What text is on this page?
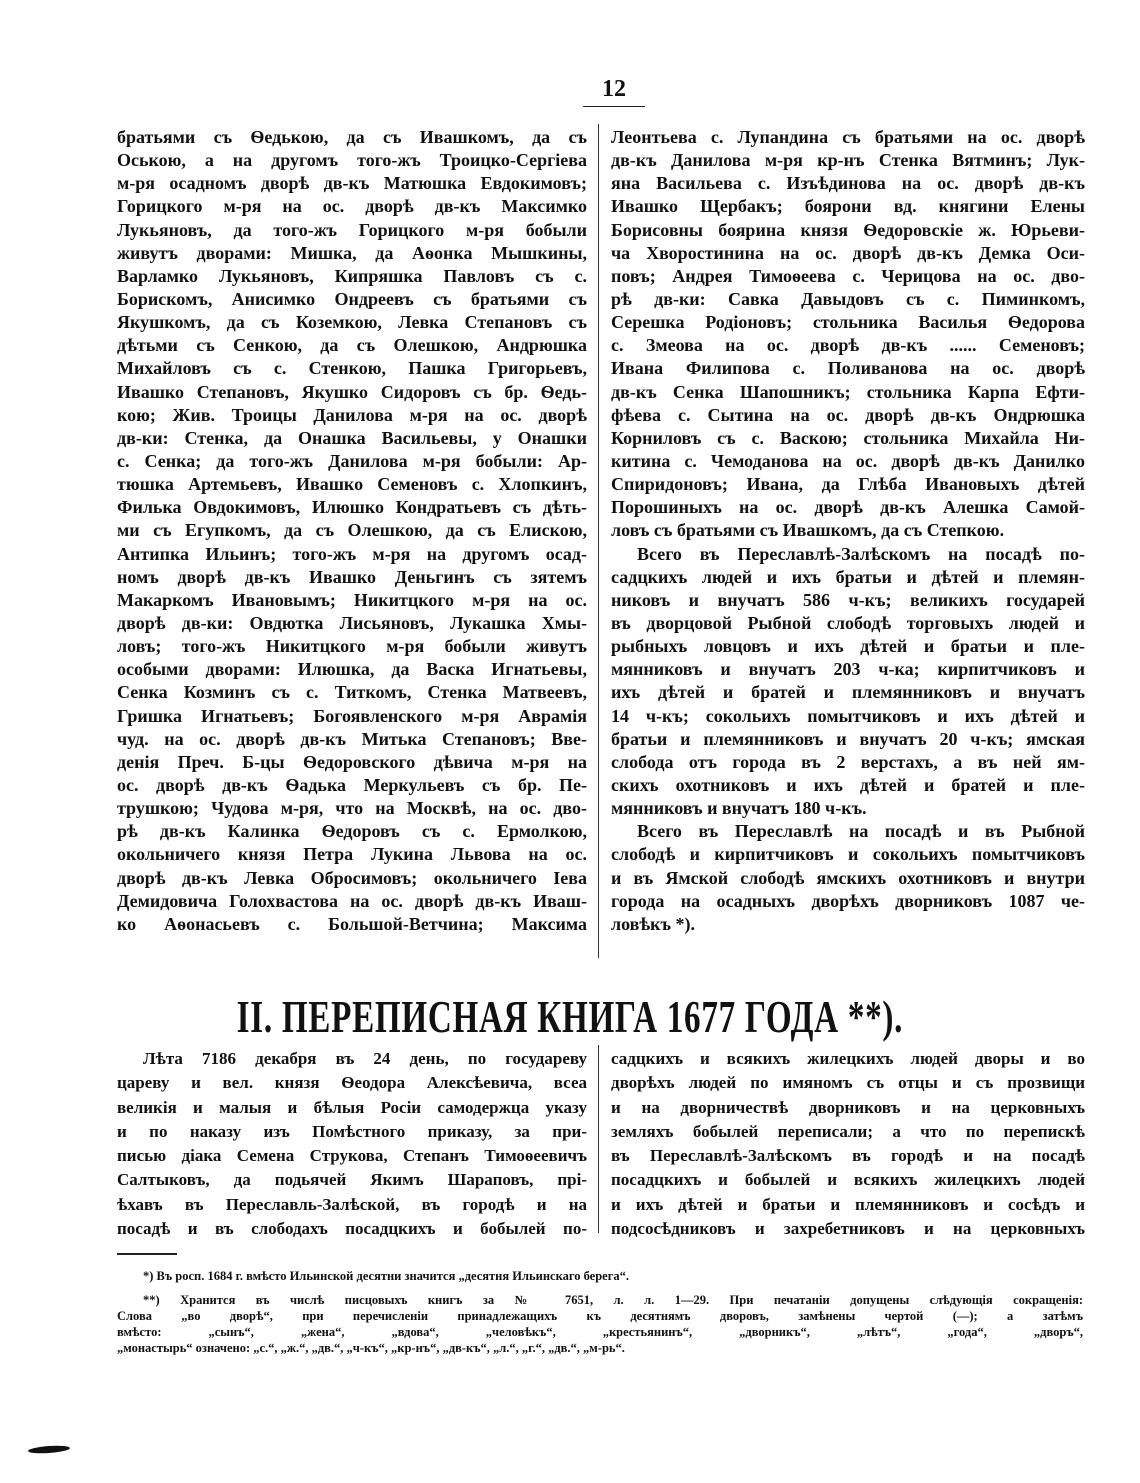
12
братьями съ Ѳедькою, да съ Ивашкомъ, да съ
Оською, а на другомъ того-жъ Троицко-Сергіева
м-ря осадномъ дворѣ дв-къ Матюшка Евдокимовъ;
Горицкого м-ря на ос. дворѣ дв-къ Максимко
Лукьяновъ, да того-жъ Горицкого м-ря бобыли
живутъ дворами: Мишка, да Аѳонка Мышкины,
Варламко Лукьяновъ, Кипряшка Павловъ съ с.
Борискомъ, Анисимко Ондреевъ съ братьями съ
Якушкомъ, да съ Коземкою, Левка Степановъ съ
дѣтьми съ Сенкою, да съ Олешкою, Андрюшка
Михайловъ съ с. Стенкою, Пашка Григорьевъ,
Ивашко Степановъ, Якушко Сидоровъ съ бр. Ѳедь-
кою; Жив. Троицы Данилова м-ря на ос. дворѣ
дв-ки: Стенка, да Онашка Васильевы, у Онашки
с. Сенка; да того-жъ Данилова м-ря бобыли: Ар-
тюшка Артемьевъ, Ивашко Семеновъ с. Хлопкинъ,
Филька Овдокимовъ, Илюшко Кондратьевъ съ дѣть-
ми съ Егупкомъ, да съ Олешкою, да съ Елискою,
Антипка Ильинъ; того-жъ м-ря на другомъ осад-
номъ дворѣ дв-къ Ивашко Деньгинъ съ зятемъ
Макаркомъ Ивановымъ; Никитцкого м-ря на ос.
дворѣ дв-ки: Овдютка Лисьяновъ, Лукашка Хмы-
ловъ; того-жъ Никитцкого м-ря бобыли живутъ
особыми дворами: Илюшка, да Васка Игнатьевы,
Сенка Козминъ съ с. Титкомъ, Стенка Матвеевъ,
Гришка Игнатьевъ; Богоявленского м-ря Аврамія
чуд. на ос. дворѣ дв-къ Митька Степановъ; Вве-
денія Преч. Б-цы Ѳедоровского дѣвича м-ря на
ос. дворѣ дв-къ Ѳадька Меркульевъ съ бр. Пе-
трушкою; Чудова м-ря, что на Москвѣ, на ос. дво-
рѣ дв-къ Калинка Ѳедоровъ съ с. Ермолкою,
окольничего князя Петра Лукина Львова на ос.
дворѣ дв-къ Левка Обросимовъ; окольничего Іева
Демидовича Голохвастова на ос. дворѣ дв-къ Иваш-
ко Аѳонасьевъ с. Большой-Ветчина; Максима
Леонтьева с. Лупандина съ братьями на ос. дворѣ
дв-къ Данилова м-ря кр-нъ Стенка Вятминъ; Лук-
яна Васильева с. Изъѣдинова на ос. дворѣ дв-къ
Ивашко Щербакъ; боярони вд. княгини Елены
Борисовны боярина князя Ѳедоровскіе ж. Юрьеви-
ча Хворостинина на ос. дворѣ дв-къ Демка Оси-
повъ; Андрея Тимоѳеева с. Черицова на ос. дво-
рѣ дв-ки: Савка Давыдовъ съ с. Пиминкомъ,
Серешка Родіоновъ; стольника Василья Ѳедорова
с. Змеова на ос. дворѣ дв-къ ...... Семеновъ;
Ивана Филипова с. Поливанова на ос. дворѣ
дв-къ Сенка Шапошникъ; стольника Карпа Ефти-
фѣева с. Сытина на ос. дворѣ дв-къ Ондрюшка
Корниловъ съ с. Васкою; стольника Михайла Ни-
китина с. Чемоданова на ос. дворѣ дв-къ Данилко
Спиридоновъ; Ивана, да Глѣба Ивановыхъ дѣтей
Порошиныхъ на ос. дворѣ дв-къ Алешка Самой-
ловъ съ братьями съ Ивашкомъ, да съ Степкою.
Всего въ Переславлѣ-Залѣскомъ на посадѣ по-
садцкихъ людей и ихъ братьи и дѣтей и племян-
никовъ и внучатъ 586 ч-къ; великихъ государей
въ дворцовой Рыбной слободѣ торговыхъ людей и
рыбныхъ ловцовъ и ихъ дѣтей и братьи и пле-
мянниковъ и внучатъ 203 ч-ка; кирпитчиковъ и
ихъ дѣтей и братей и племянниковъ и внучатъ
14 ч-къ; сокольихъ помытчиковъ и ихъ дѣтей и
братьи и племянниковъ и внучатъ 20 ч-къ; ямская
слобода отъ города въ 2 верстахъ, а въ ней ям-
скихъ охотниковъ и ихъ дѣтей и братей и пле-
мянниковъ и внучатъ 180 ч-къ.
Всего въ Переславлѣ на посадѣ и въ Рыбной
слободѣ и кирпитчиковъ и сокольихъ помытчиковъ
и въ Ямской слободѣ ямскихъ охотниковъ и внутри
города на осадныхъ дворѣхъ дворниковъ 1087 че-
ловѣкъ *).
II. ПЕРЕПИСНАЯ КНИГА 1677 ГОДА **).
Лѣта 7186 декабря въ 24 день, по государеву
цареву и вел. князя Ѳеодора Алексѣевича, всеа
великія и малыя и бѣлыя Росіи самодержца указу
и по наказу изъ Помѣстного приказу, за при-
писью діака Семена Струкова, Степанъ Тимоѳеевичъ
Салтыковъ, да подьячей Якимъ Шараповъ, прі-
ѣхавъ въ Переславль-Залѣской, въ городѣ и на
посадѣ и въ слободахъ посадцкихъ и бобылей по-
садцкихъ и всякихъ жилецкихъ людей дворы и во
дворѣхъ людей по имяномъ съ отцы и съ прозвищи
и на дворничествѣ дворниковъ и на церковныхъ
земляхъ бобылей переписали; а что по перепискѣ
въ Переславлѣ-Залѣскомъ въ городѣ и на посадѣ
посадцкихъ и бобылей и всякихъ жилецкихъ людей
и ихъ дѣтей и братьи и племянниковъ и сосѣдъ и
подсосѣдниковъ и захребетниковъ и на церковныхъ
*) Въ росп. 1684 г. вмѣсто Ильинской десятни значится „десятня Ильинскаго берега“.
**) Хранится въ числѣ писцовыхъ книгъ за № 7651, л. л. 1—29. При печатаніи допущены слѣдующія сокращенія:
Слова „во дворѣ“, при перечисленіи принадлежащихъ къ десятнямъ дворовъ, замѣнены чертой (—); а затѣмъ
вмѣсто: „сынъ“, „жена“, „вдова“, „человѣкъ“, „крестьянинъ“, „дворникъ“, „лѣтъ“, „года“, „дворъ“,
„монастырь“ означено: „с.“, „ж.“, „дв.“, „ч-къ“, „кр-нъ“, „дв-къ“, „л.“, „г.“, „дв.“, „м-рь“.
